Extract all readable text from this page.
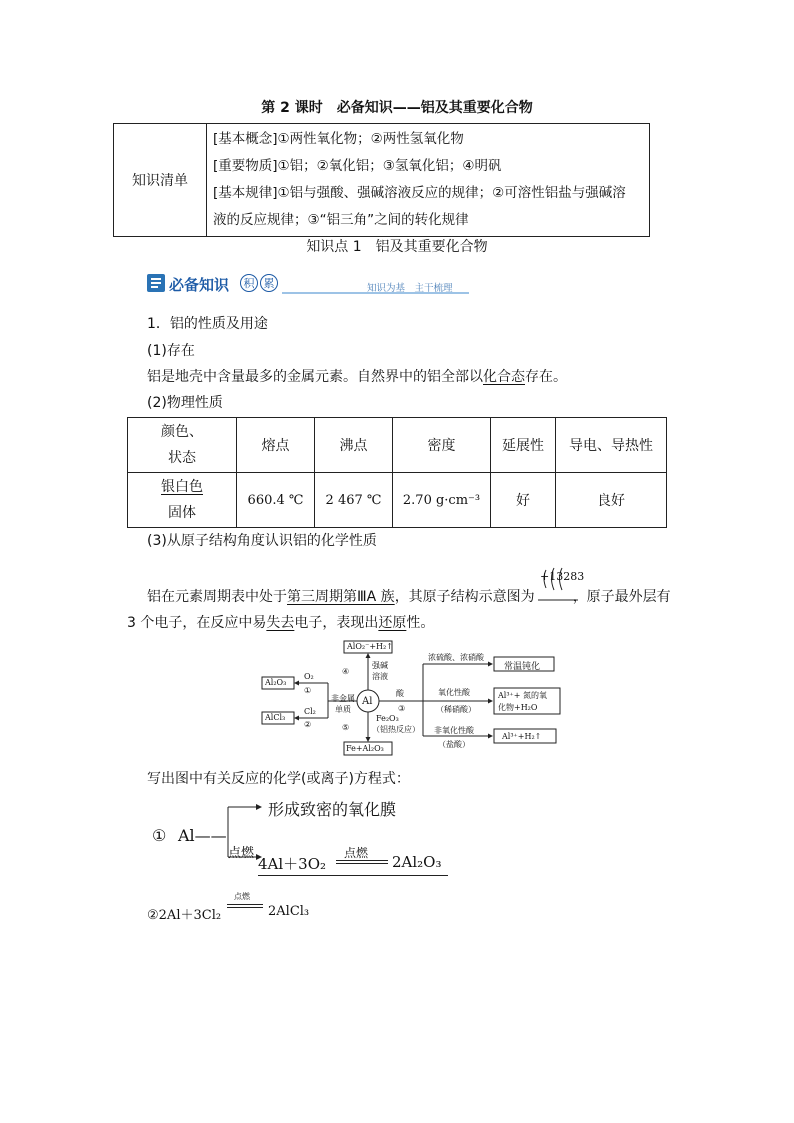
第 2 课时　必备知识——铝及其重要化合物
知识清单	
[基本概念]①两性氧化物；②两性氢氧化物
[重要物质]①铝；②氧化铝；③氢氧化铝；④明矾
[基本规律]①铝与强酸、强碱溶液反应的规律；②可溶性铝盐与强碱溶
液的反应规律；③“铝三角”之间的转化规律
知识点 1　铝及其重要化合物
必备知识	积 累	知识为基　主干梳理
1．铝的性质及用途
(1)存在
铝是地壳中含量最多的金属元素。自然界中的铝全部以化合态存在。
(2)物理性质
颜色、
状态	熔点	沸点	密度	延展性	导电、导热性

银白色
固体	660.4 ℃	2 467 ℃	2.70 g·cm⁻³	好	良好
(3)从原子结构角度认识铝的化学性质
+13283
铝在元素周期表中处于第三周期第ⅢA 族，其原子结构示意图为	，原子最外层有
3 个电子，在反应中易失去电子，表现出还原性。
Al
AlO₂⁻+H₂↑
Al₂O₃
AlCl₃
Fe+Al₂O₃
O₂
Cl₂
①
②
非金属
单质
④
强碱
溶液
⑤
Fe₂O₃
（铝热反应）
酸
③
浓硫酸、浓硝酸
氧化性酸
（稀硝酸）
非氧化性酸
（盐酸）
常温钝化
Al³⁺+ 氮的氧
化物+H₂O
Al³⁺+H₂↑
写出图中有关反应的化学(或离子)方程式：
① Al——
形成致密的氧化膜
点燃
4Al＋3O₂
点燃 2Al₂O₃
②2Al＋3Cl₂
点燃
2AlCl₃
